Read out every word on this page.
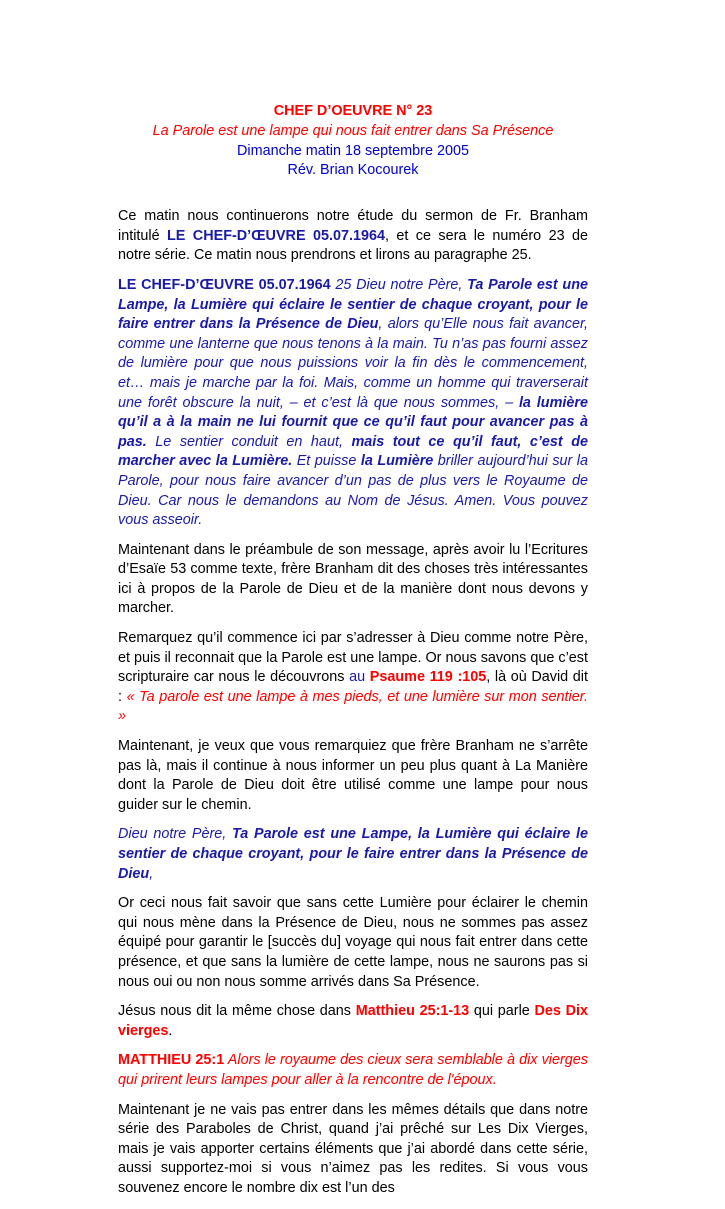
CHEF D’OEUVRE N° 23
La Parole est une lampe qui nous fait entrer dans Sa Présence
Dimanche matin 18 septembre 2005
Rév. Brian Kocourek

Ce matin nous continuerons notre étude du sermon de Fr. Branham intitulé LE CHEF-D’ŒUVRE 05.07.1964, et ce sera le numéro 23 de notre série. Ce matin nous prendrons et lirons au paragraphe 25.

LE CHEF-D’ŒUVRE 05.07.1964 25 Dieu notre Père, Ta Parole est une Lampe, la Lumière qui éclaire le sentier de chaque croyant, pour le faire entrer dans la Présence de Dieu, alors qu’Elle nous fait avancer, comme une lanterne que nous tenons à la main. Tu n’as pas fourni assez de lumière pour que nous puissions voir la fin dès le commencement, et… mais je marche par la foi. Mais, comme un homme qui traverserait une forêt obscure la nuit, – et c’est là que nous sommes, – la lumière qu’il a à la main ne lui fournit que ce qu’il faut pour avancer pas à pas. Le sentier conduit en haut, mais tout ce qu’il faut, c’est de marcher avec la Lumière. Et puisse la Lumière briller aujourd’hui sur la Parole, pour nous faire avancer d’un pas de plus vers le Royaume de Dieu. Car nous le demandons au Nom de Jésus. Amen. Vous pouvez vous asseoir.

Maintenant dans le préambule de son message, après avoir lu l’Ecritures d’Esaïe 53 comme texte, frère Branham dit des choses très intéressantes ici à propos de la Parole de Dieu et de la manière dont nous devons y marcher.

Remarquez qu’il commence ici par s’adresser à Dieu comme notre Père, et puis il reconnait que la Parole est une lampe. Or nous savons que c’est scripturaire car nous le découvrons au Psaume 119 :105, là où David dit : « Ta parole est une lampe à mes pieds, et une lumière sur mon sentier. »

Maintenant, je veux que vous remarquiez que frère Branham ne s’arrête pas là, mais il continue à nous informer un peu plus quant à La Manière dont la Parole de Dieu doit être utilisé comme une lampe pour nous guider sur le chemin.

Dieu notre Père, Ta Parole est une Lampe, la Lumière qui éclaire le sentier de chaque croyant, pour le faire entrer dans la Présence de Dieu,

Or ceci nous fait savoir que sans cette Lumière pour éclairer le chemin qui nous mène dans la Présence de Dieu, nous ne sommes pas assez équipé pour garantir le [succès du] voyage qui nous fait entrer dans cette présence, et que sans la lumière de cette lampe, nous ne saurons pas si nous oui ou non nous somme arrivés dans Sa Présence.

Jésus nous dit la même chose dans Matthieu 25:1-13 qui parle Des Dix vierges.

MATTHIEU 25:1 Alors le royaume des cieux sera semblable à dix vierges qui prirent leurs lampes pour aller à la rencontre de l'époux.

Maintenant je ne vais pas entrer dans les mêmes détails que dans notre série des Paraboles de Christ, quand j’ai prêché sur Les Dix Vierges, mais je vais apporter certains éléments que j’ai abordé dans cette série, aussi supportez-moi si vous n’aimez pas les redites. Si vous vous souvenez encore le nombre dix est l’un des
